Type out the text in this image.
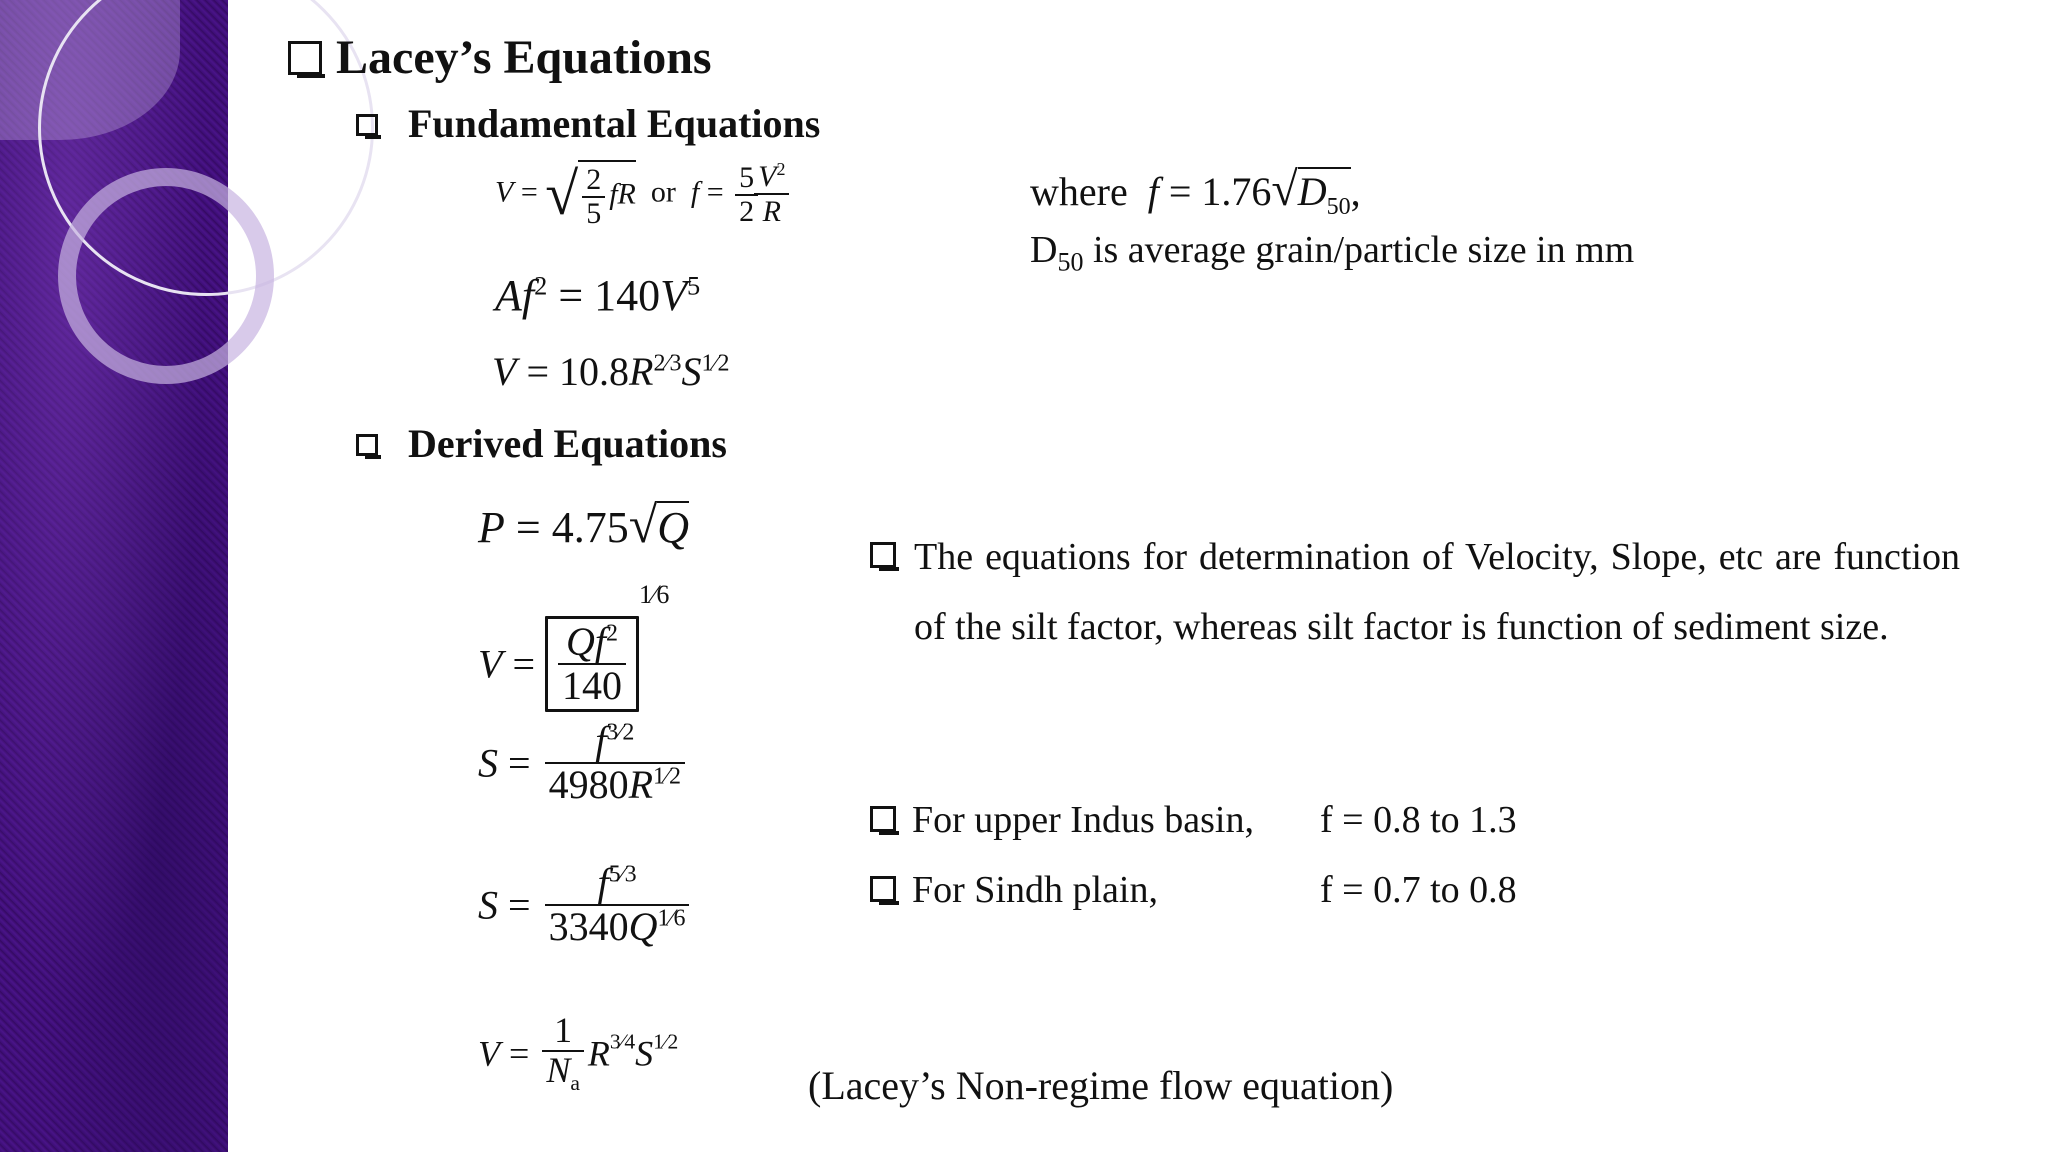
Lacey’s Equations
Fundamental Equations
V = √ $\frac{2}{5}$ fR or $f = \frac{5}{2}$
$\frac{V^2}{R}$
$Af^2 = 140V^5$
$V = 10.8R^{2⁄3}S^{1⁄2}$
where $f = 1.76√D_{50}$,
$D_{50}$ is average grain/particle size in mm
Derived Equations
P = 4.75√Q
$V = \frac{Qf^2}{140}$
$^{1⁄6}$
$S = \frac{f^{3⁄2}}{4980R^{1⁄2}}$
$S = \frac{f^{5⁄3}}{3340Q^{1⁄6}}$
$V = \frac{1}{N_a} R^{3⁄4}S^{1⁄2}$
(Lacey’s Non-regime flow equation)
The equations for determination of Velocity, Slope, etc are function of the silt factor, whereas silt factor is function of sediment size.
For upper Indus basin, f = 0.8 to 1.3
For Sindh plain,	f = 0.7 to 0.8
